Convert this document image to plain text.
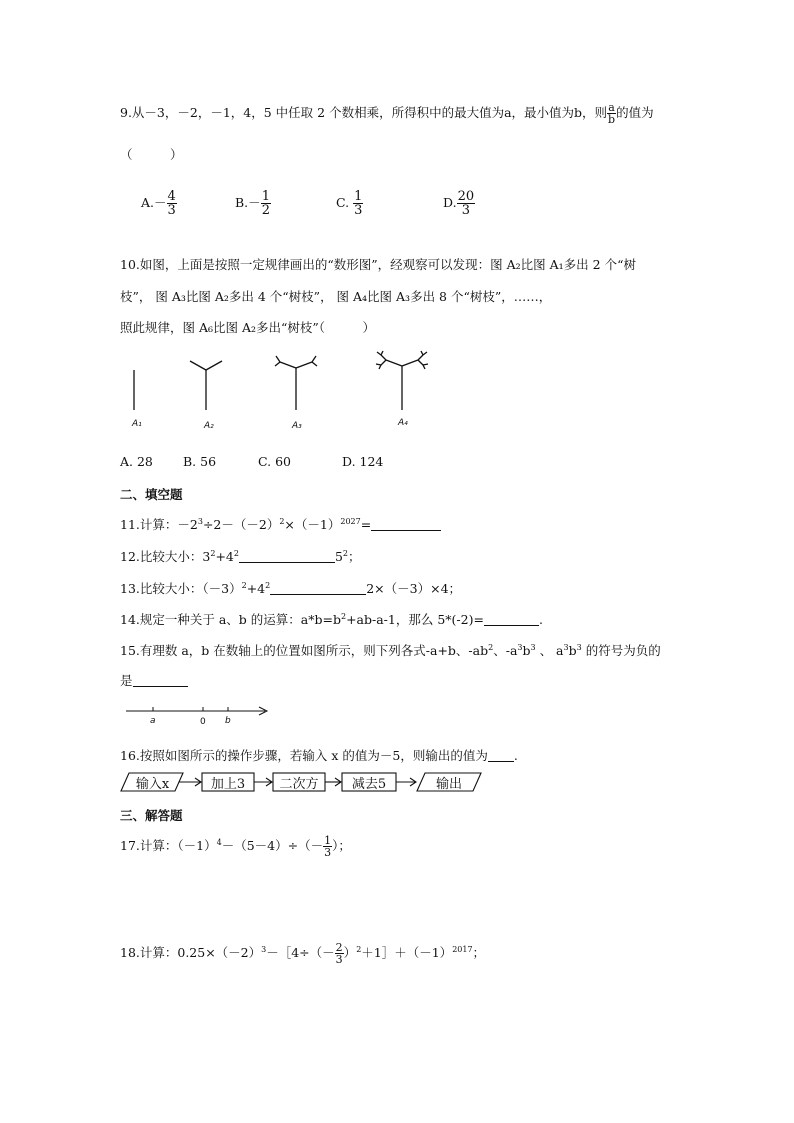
9.从－3，－2，－1，4，5 中任取 2 个数相乘，所得积中的最大值为a，最小值为b，则 $\frac{a}{b}$ 的值为
（　　　）
$A.- \frac{4}{3}$	$B.- \frac{1}{2}$	C. $\frac{1}{3}$	D. $\frac{20}{3}$
10.如图，上面是按照一定规律画出的“数形图”，经观察可以发现：图 A₂比图 A₁多出 2 个“树
枝”， 图 A₃比图 A₂多出 4 个“树枝”， 图 A₄比图 A₃多出 8 个“树枝”，……，
照此规律，图 A₆比图 A₂多出“树枝”（　　　）
A₁	A₂	A₃	A₄
A. 28 B. 56	C. 60	D. 124
二、填空题
11.计算：$-2^3\div 2-(-2)^2\times(-1)^{2027}=$
12.比较大小：$3^2+4^2$	$5^2$；
13.比较大小：$(-3)^2+4^2$	2×（－3）×4；
14.规定一种关于 a、b 的运算：$a*b=b^2+ab-a-1$，那么 5*(-2)=	.
15.有理数 a，b 在数轴上的位置如图所示，则下列各式-a+b、$-ab^2$、$-a^3b^3$ 、 $a^3b^3$ 的符号为负的
是
a	0 b
16.按照如图所示的操作步骤，若输入 x 的值为－5，则输出的值为 .
输入x	加上3	二次方	减去5	输出
三、解答题
17.计算：$(-1)^4-(5-4)\div(- \frac{1}{3}$ ）；
18.计算：$0.25\times(-2)^3-[4\div(- \frac{2}{3}$ ）$^2+1]+(-1)^{2017}$；
